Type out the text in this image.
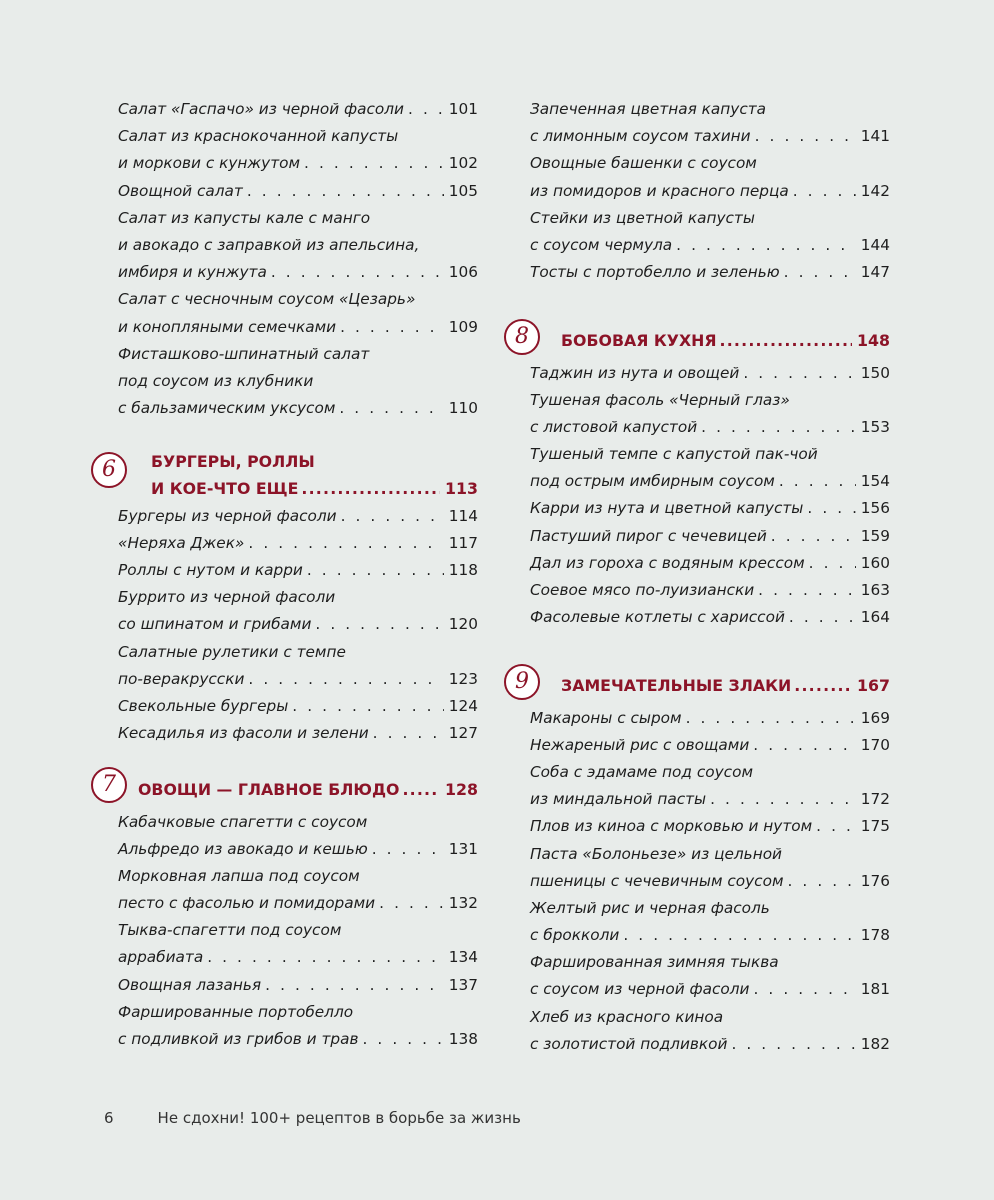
Салат «Гаспачо» из черной фасоли . . .	101
Салат из краснокочанной капусты
и моркови с кунжутом . . .	102
Овощной салат . . .	105
Салат из капусты кале с манго
и авокадо с заправкой из апельсина,
имбиря и кунжута . . .	106
Салат с чесночным соусом «Цезарь»
и конопляными семечками . . .	109
Фисташково-шпинатный салат
под соусом из клубники
с бальзамическим уксусом . . .	110
6	БУРГЕРЫ, РОЛЛЫ
И КОЕ-ЧТО ЕЩЕ .....	113
Бургеры из черной фасоли . . .	114
«Неряха Джек» . . .	117
Роллы с нутом и карри . . .	118
Буррито из черной фасоли
со шпинатом и грибами . . .	120
Салатные рулетики с темпе
по-веракрусски . . .	123
Свекольные бургеры . . .	124
Кесадилья из фасоли и зелени . . .	127
7	ОВОЩИ — ГЛАВНОЕ БЛЮДО .....	128
Кабачковые спагетти с соусом
Альфредо из авокадо и кешью . . .	131
Морковная лапша под соусом
песто с фасолью и помидорами . . .	132
Тыква-спагетти под соусом
аррабиата . . .	134
Овощная лазанья . . .	137
Фаршированные портобелло
с подливкой из грибов и трав . . .	138
Запеченная цветная капуста
с лимонным соусом тахини . . .	141
Овощные башенки с соусом
из помидоров и красного перца . . .	142
Стейки из цветной капусты
с соусом чермула . . .	144
Тосты с портобелло и зеленью . . .	147
8	БОБОВАЯ КУХНЯ .....	148
Таджин из нута и овощей . . .	150
Тушеная фасоль «Черный глаз»
с листовой капустой . . .	153
Тушеный темпе с капустой пак-чой
под острым имбирным соусом . . .	154
Карри из нута и цветной капусты . . .	156
Пастуший пирог с чечевицей . . .	159
Дал из гороха с водяным крессом . . .	160
Соевое мясо по-луизиански . . .	163
Фасолевые котлеты с хариссой . . .	164
9	ЗАМЕЧАТЕЛЬНЫЕ ЗЛАКИ .....	167
Макароны с сыром . . .	169
Нежареный рис с овощами . . .	170
Соба с эдамаме под соусом
из миндальной пасты . . .	172
Плов из киноа с морковью и нутом . . .	175
Паста «Болоньезе» из цельной
пшеницы с чечевичным соусом . . .	176
Желтый рис и черная фасоль
с брокколи . . .	178
Фаршированная зимняя тыква
с соусом из черной фасоли . . .	181
Хлеб из красного киноа
с золотистой подливкой . . .	182
6	Не сдохни! 100+ рецептов в борьбе за жизнь
